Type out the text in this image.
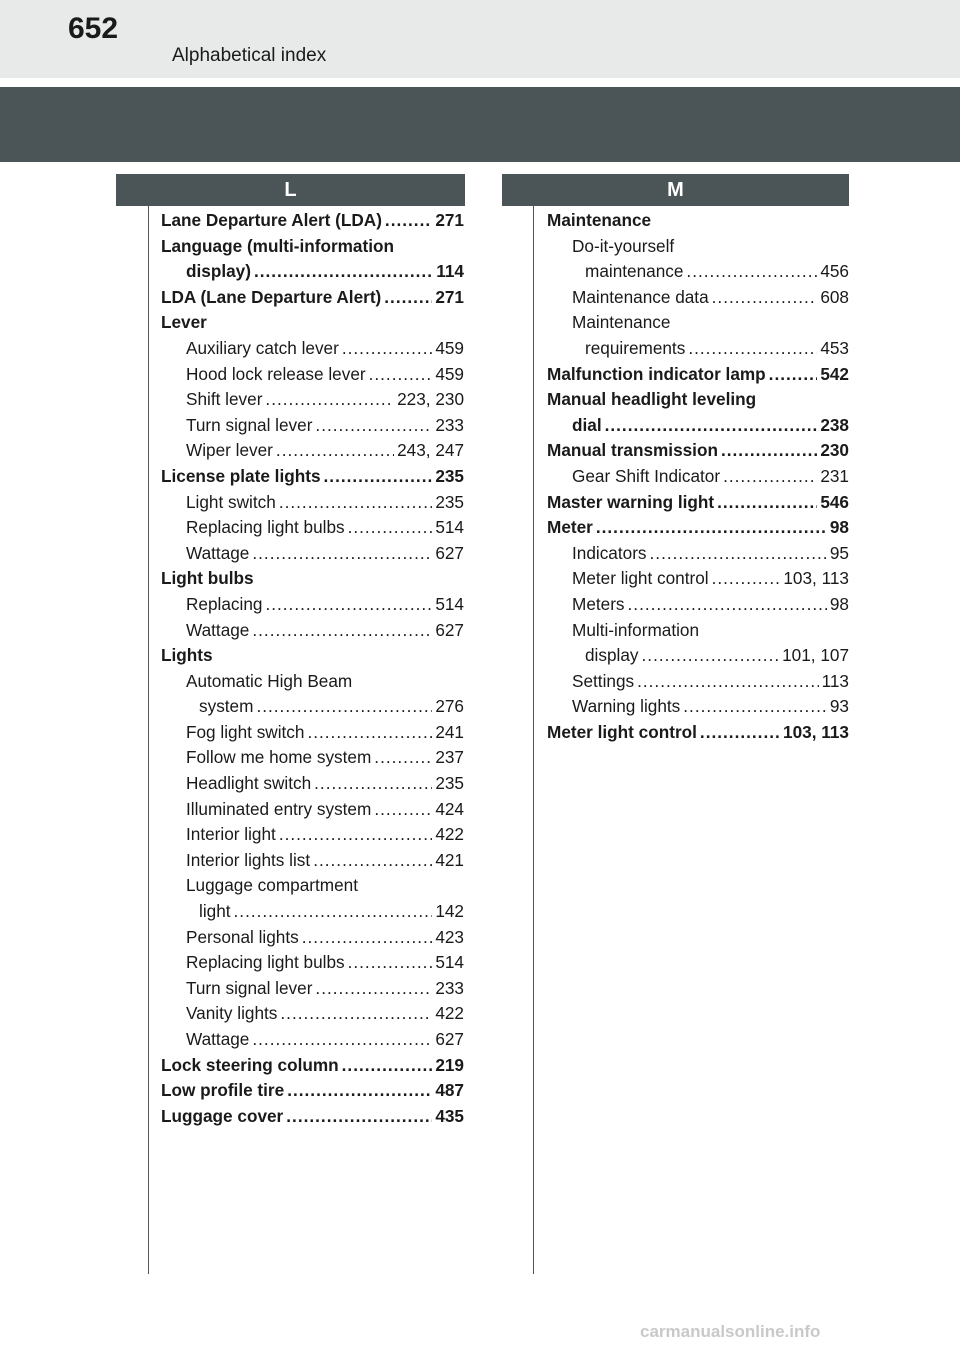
652
Alphabetical index
L	M
Lane Departure Alert (LDA) .....	271
Language (multi-information
display) .....	114
LDA (Lane Departure Alert) .....	271
Lever
Auxiliary catch lever .....	459
Hood lock release lever .....	459
Shift lever .....	223, 230
Turn signal lever .....	233
Wiper lever .....	243, 247
License plate lights .....	235
Light switch .....	235
Replacing light bulbs .....	514
Wattage .....	627
Light bulbs
Replacing .....	514
Wattage .....	627
Lights
Automatic High Beam
system .....	276
Fog light switch .....	241
Follow me home system .....	237
Headlight switch .....	235
Illuminated entry system .....	424
Interior light .....	422
Interior lights list .....	421
Luggage compartment
light .....	142
Personal lights .....	423
Replacing light bulbs .....	514
Turn signal lever .....	233
Vanity lights .....	422
Wattage .....	627
Lock steering column .....	219
Low profile tire .....	487
Luggage cover .....	435
Maintenance
Do-it-yourself
maintenance .....	456
Maintenance data .....	608
Maintenance
requirements .....	453
Malfunction indicator lamp .....	542
Manual headlight leveling
dial .....	238
Manual transmission .....	230
Gear Shift Indicator .....	231
Master warning light .....	546
Meter .....	98
Indicators .....	95
Meter light control .....	103, 113
Meters .....	98
Multi-information
display .....	101, 107
Settings .....	113
Warning lights .....	93
Meter light control .....	103, 113
carmanualsonline.info
